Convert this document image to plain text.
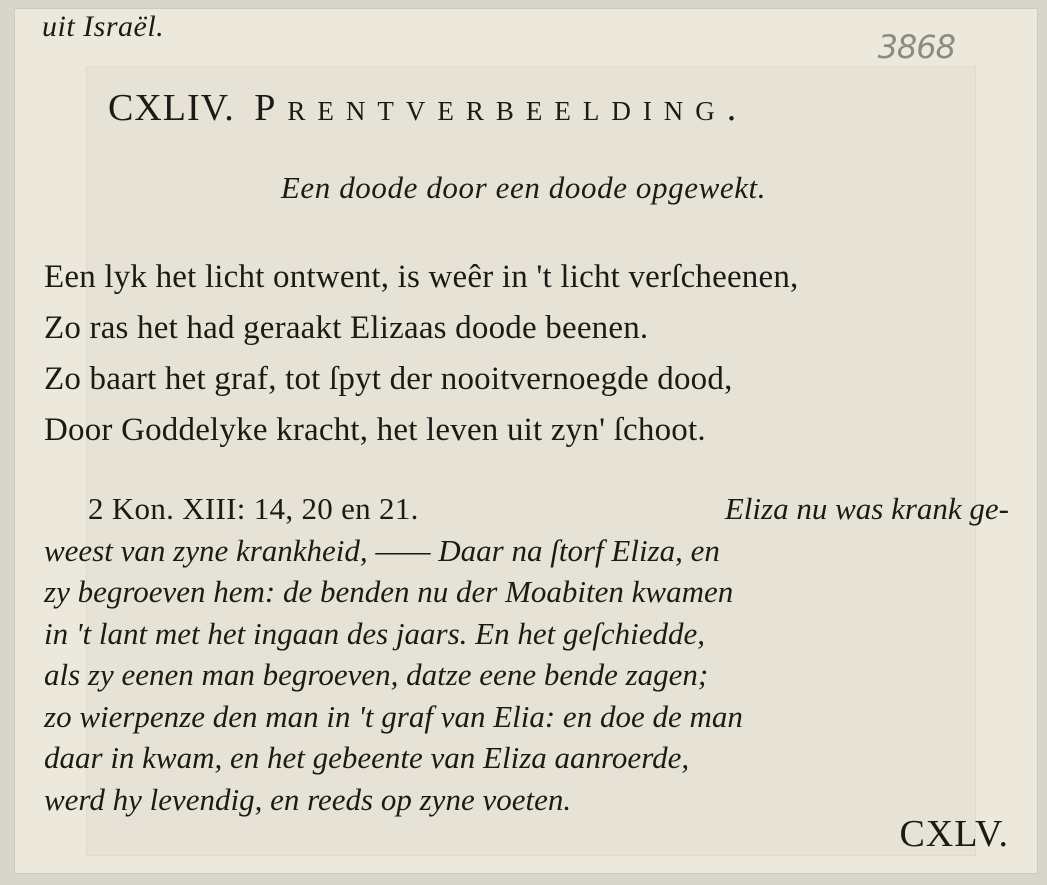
uit Israël.
3868
CXLIV. Prentverbeelding.
Een doode door een doode opgewekt.
Een lyk het licht ontwent, is weêr in 't licht verſcheenen,
Zo ras het had geraakt Elizaas doode beenen.
Zo baart het graf, tot ſpyt der nooitvernoegde dood,
Door Goddelyke kracht, het leven uit zyn' ſchoot.
2 Kon. XIII: 14, 20 en 21.	Eliza nu was krank ge-
weest van zyne krankheid, —— Daar na ſtorf Eliza, en
zy begroeven hem: de benden nu der Moabiten kwamen
in 't lant met het ingaan des jaars. En het geſchiedde,
als zy eenen man begroeven, datze eene bende zagen;
zo wierpenze den man in 't graf van Elia: en doe de man
daar in kwam, en het gebeente van Eliza aanroerde,
werd hy levendig, en reeds op zyne voeten.
CXLV.
